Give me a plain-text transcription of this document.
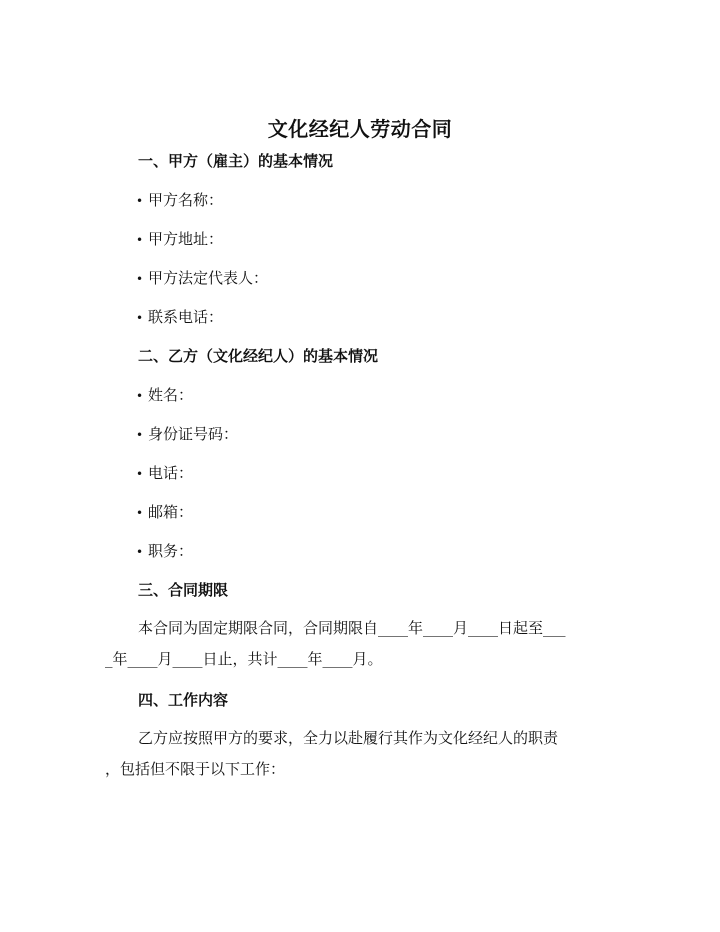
文化经纪人劳动合同
一、甲方（雇主）的基本情况
• 甲方名称：
• 甲方地址：
• 甲方法定代表人：
• 联系电话：
二、乙方（文化经纪人）的基本情况
• 姓名：
• 身份证号码：
• 电话：
• 邮箱：
• 职务：
三、合同期限
本合同为固定期限合同，合同期限自____年____月____日起至___
_年____月____日止，共计____年____月。
四、工作内容
乙方应按照甲方的要求，全力以赴履行其作为文化经纪人的职责
，包括但不限于以下工作：
